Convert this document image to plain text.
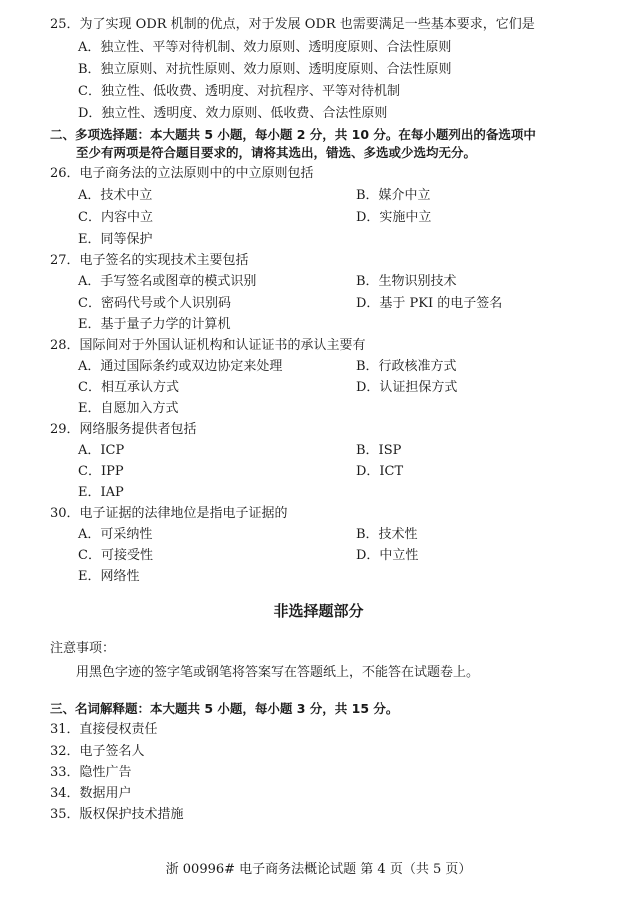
25．为了实现 ODR 机制的优点，对于发展 ODR 也需要满足一些基本要求，它们是
A．独立性、平等对待机制、效力原则、透明度原则、合法性原则
B．独立原则、对抗性原则、效力原则、透明度原则、合法性原则
C．独立性、低收费、透明度、对抗程序、平等对待机制
D．独立性、透明度、效力原则、低收费、合法性原则
二、多项选择题：本大题共 5 小题，每小题 2 分，共 10 分。在每小题列出的备选项中
至少有两项是符合题目要求的，请将其选出，错选、多选或少选均无分。
26．电子商务法的立法原则中的中立原则包括
A．技术中立	B．媒介中立
C．内容中立	D．实施中立
E．同等保护
27．电子签名的实现技术主要包括
A．手写签名或图章的模式识别	B．生物识别技术
C．密码代号或个人识别码	D．基于 PKI 的电子签名
E．基于量子力学的计算机
28．国际间对于外国认证机构和认证证书的承认主要有
A．通过国际条约或双边协定来处理	B．行政核准方式
C．相互承认方式	D．认证担保方式
E．自愿加入方式
29．网络服务提供者包括
A．ICP	B．ISP
C．IPP	D．ICT
E．IAP
30．电子证据的法律地位是指电子证据的
A．可采纳性	B．技术性
C．可接受性	D．中立性
E．网络性
非选择题部分
注意事项：
用黑色字迹的签字笔或钢笔将答案写在答题纸上，不能答在试题卷上。
三、名词解释题：本大题共 5 小题，每小题 3 分，共 15 分。
31．直接侵权责任
32．电子签名人
33．隐性广告
34．数据用户
35．版权保护技术措施
浙 00996# 电子商务法概论试题 第 4 页（共 5 页）
